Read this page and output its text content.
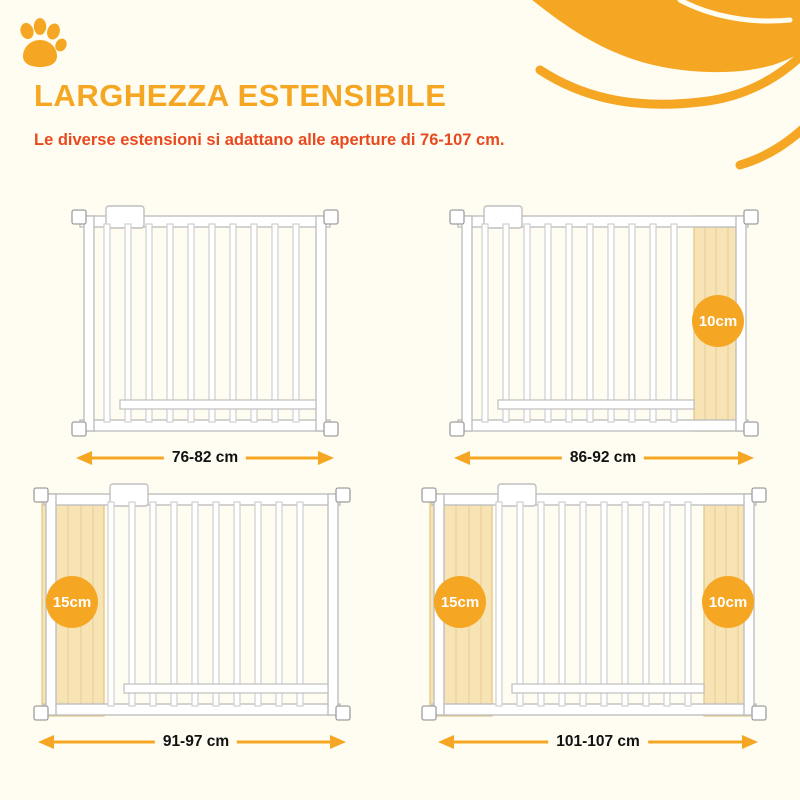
LARGHEZZA ESTENSIBILE
Le diverse estensioni si adattano alle aperture di 76-107 cm.
76-82 cm
10cm
86-92 cm
15cm
91-97 cm
15cm	10cm
101-107 cm
